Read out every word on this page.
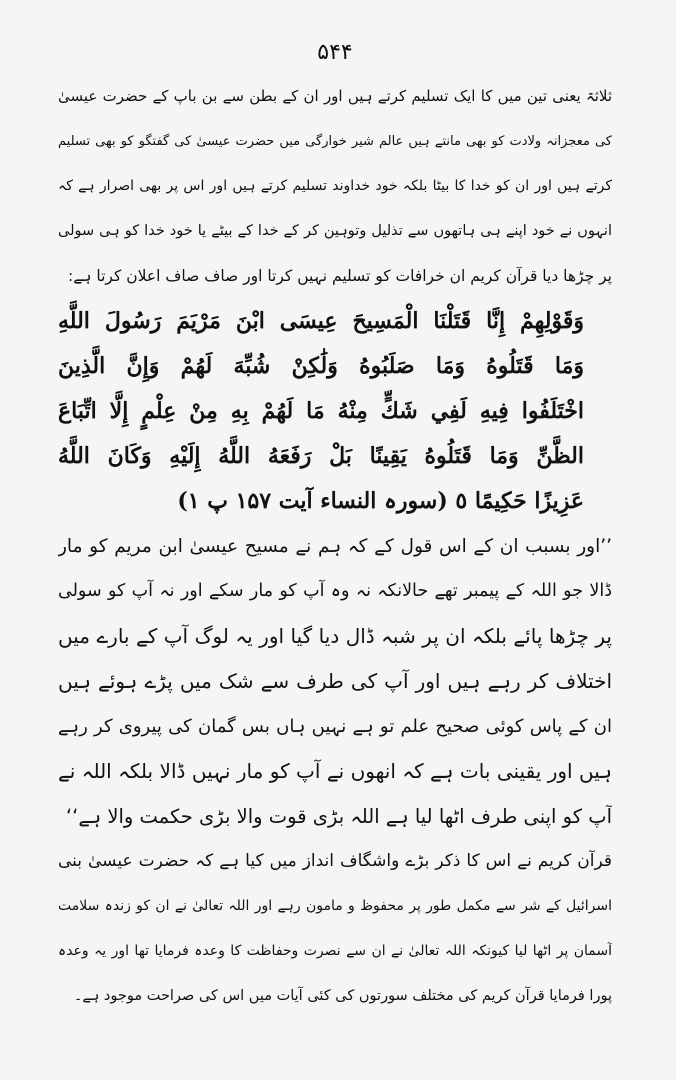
۵۴۴
ثلاثۃ یعنی تین میں کا ایک تسلیم کرتے ہیں اور ان کے بطن سے بن باپ کے حضرت عیسیٰ
کی معجزانہ ولادت کو بھی مانتے ہیں عالم شیر خوارگی میں حضرت عیسیٰ کی گفتگو کو بھی تسلیم
کرتے ہیں اور ان کو خدا کا بیٹا بلکہ خود خداوند تسلیم کرتے ہیں اور اس پر بھی اصرار ہے کہ
انہوں نے خود اپنے ہی ہاتھوں سے تذلیل وتوہین کر کے خدا کے بیٹے یا خود خدا کو ہی سولی
پر چڑھا دیا قرآن کریم ان خرافات کو تسلیم نہیں کرتا اور صاف صاف اعلان کرتا ہے:
وَقَوْلِهِمْ إِنَّا قَتَلْنَا الْمَسِيحَ عِيسَى ابْنَ مَرْيَمَ رَسُولَ اللَّهِ
وَمَا قَتَلُوهُ وَمَا صَلَبُوهُ وَلَٰكِنْ شُبِّهَ لَهُمْ وَإِنَّ الَّذِينَ
اخْتَلَفُوا فِيهِ لَفِي شَكٍّ مِنْهُ مَا لَهُمْ بِهِ مِنْ عِلْمٍ إِلَّا اتِّبَاعَ
الظَّنِّ وَمَا قَتَلُوهُ يَقِينًا بَلْ رَفَعَهُ اللَّهُ إِلَيْهِ وَكَانَ اللَّهُ
عَزِيزًا حَكِيمًا ٥ (سورہ النساء آیت ۱۵۷ پ ۱)
’’اور بسبب ان کے اس قول کے کہ ہم نے مسیح عیسیٰ ابن مریم کو مار
ڈالا جو اللہ کے پیمبر تھے حالانکہ نہ وہ آپ کو مار سکے اور نہ آپ کو سولی
پر چڑھا پائے بلکہ ان پر شبہ ڈال دیا گیا اور یہ لوگ آپ کے بارے میں
اختلاف کر رہے ہیں اور آپ کی طرف سے شک میں پڑے ہوئے ہیں
ان کے پاس کوئی صحیح علم تو ہے نہیں ہاں بس گمان کی پیروی کر رہے
ہیں اور یقینی بات ہے کہ انھوں نے آپ کو مار نہیں ڈالا بلکہ اللہ نے
آپ کو اپنی طرف اٹھا لیا ہے اللہ بڑی قوت والا بڑی حکمت والا ہے‘‘
قرآن کریم نے اس کا ذکر بڑے واشگاف انداز میں کیا ہے کہ حضرت عیسیٰ بنی
اسرائیل کے شر سے مکمل طور پر محفوظ و مامون رہے اور اللہ تعالیٰ نے ان کو زندہ سلامت
آسمان پر اٹھا لیا کیونکہ اللہ تعالیٰ نے ان سے نصرت وحفاظت کا وعدہ فرمایا تھا اور یہ وعدہ
پورا فرمایا قرآن کریم کی مختلف سورتوں کی کئی آیات میں اس کی صراحت موجود ہے۔
